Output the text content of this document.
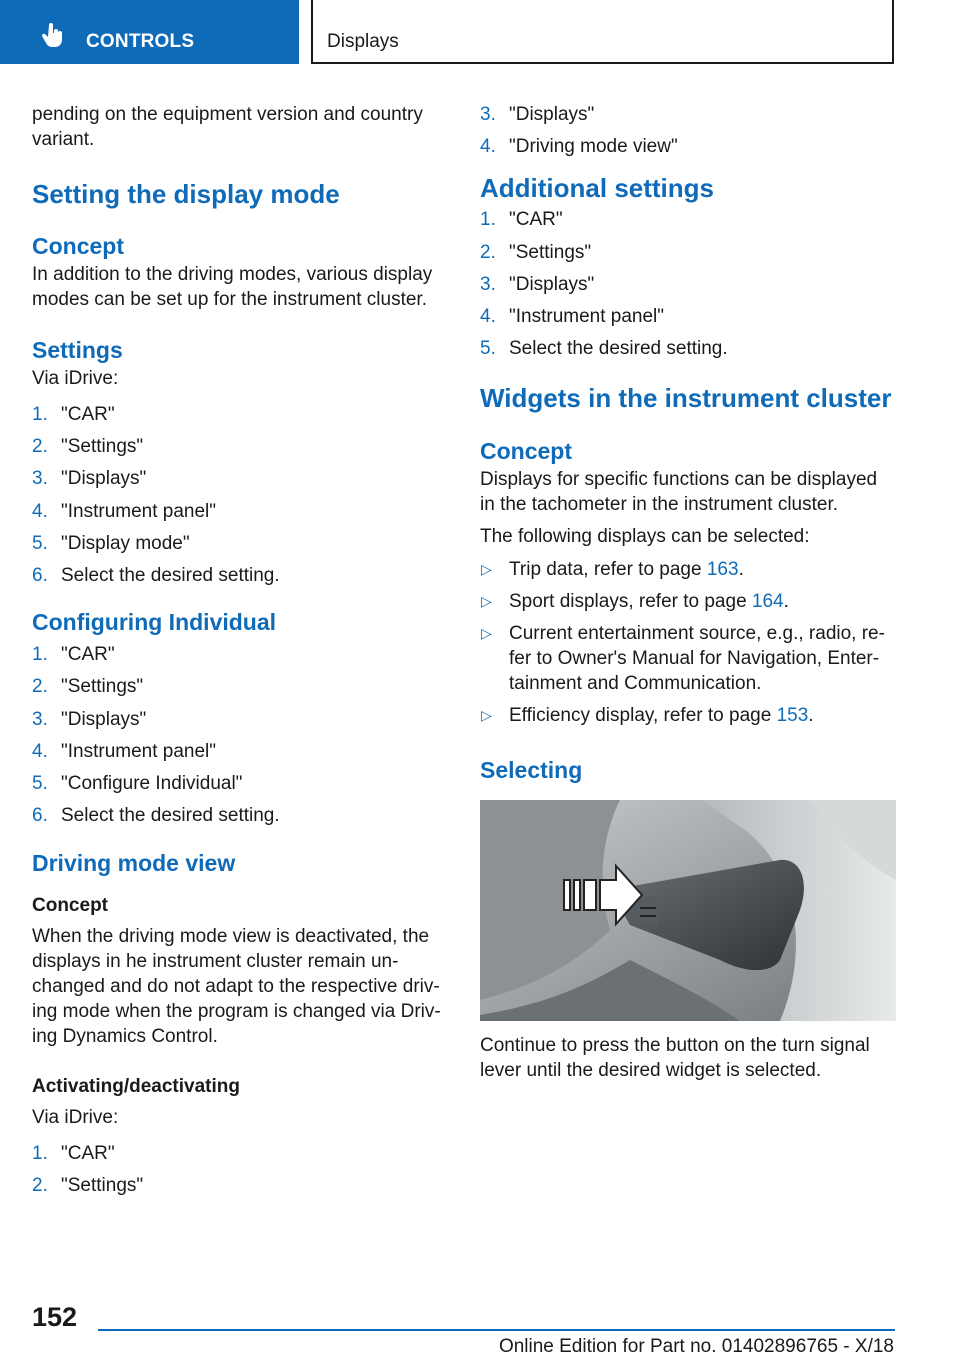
CONTROLS	Displays

pending on the equipment version and country variant.

Setting the display mode
Concept

In addition to the driving modes, various display modes can be set up for the instrument cluster.

Settings

Via iDrive:

1. "CAR"
2. "Settings"
3. "Displays"
4. "Instrument panel"
5. "Display mode"
6. Select the desired setting.
Configuring Individual
1. "CAR"
2. "Settings"
3. "Displays"
4. "Instrument panel"
5. "Configure Individual"
6. Select the desired setting.
Driving mode view
Concept

When the driving mode view is deactivated, the displays in he instrument cluster remain unchanged and do not adapt to the respective driving mode when the program is changed via Driving Dynamics Control.

Activating/deactivating

Via iDrive:

1. "CAR"
2. "Settings"
3. "Displays"
4. "Driving mode view"
Additional settings
1. "CAR"
2. "Settings"
3. "Displays"
4. "Instrument panel"
5. Select the desired setting.
Widgets in the instrument cluster
Concept

Displays for specific functions can be displayed in the tachometer in the instrument cluster.

The following displays can be selected:

▷ Trip data, refer to page 163.
▷ Sport displays, refer to page 164.
▷ Current entertainment source, e.g., radio, refer to Owner's Manual for Navigation, Entertainment and Communication.
▷ Efficiency display, refer to page 153.
Selecting

Continue to press the button on the turn signal lever until the desired widget is selected.

152
Online Edition for Part no. 01402896765 - X/18
